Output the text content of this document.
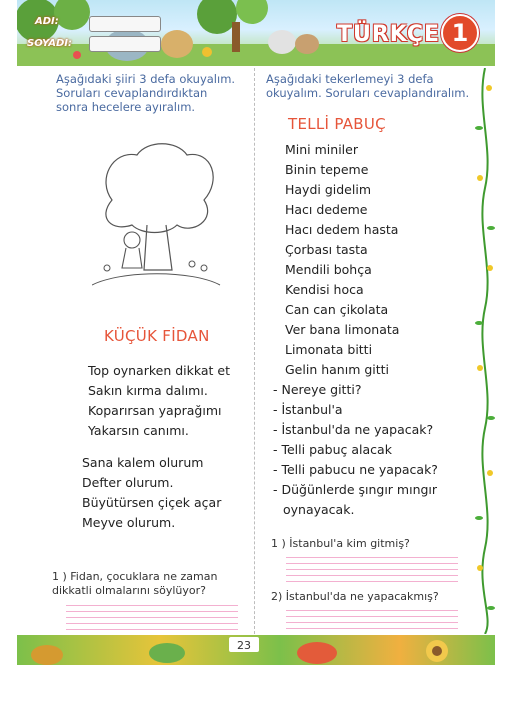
ADI:
SOYADI:	TÜRKÇE 1
Aşağıdaki şiiri 3 defa okuyalım. Soruları cevaplandırdıktan sonra hecelere ayıralım.
KÜÇÜK FİDAN
Top oynarken dikkat et
Sakın kırma dalımı.
Koparırsan yaprağımı
Yakarsın canımı.
Sana kalem olurum
Defter olurum.
Büyütürsen çiçek açar
Meyve olurum.
1 ) Fidan, çocuklara ne zaman dikkatli olmalarını söylüyor?
Aşağıdaki tekerlemeyi 3 defa okuyalım. Soruları cevaplandıralım.
TELLİ PABUÇ
Mini miniler
Binin tepeme
Haydi gidelim
Hacı dedeme
Hacı dedem hasta
Çorbası tasta
Mendili bohça
Kendisi hoca
Can can çikolata
Ver bana limonata
Limonata bitti
Gelin hanım gitti
- Nereye gitti?
- İstanbul'a
- İstanbul'da ne yapacak?
- Telli pabuç alacak
- Telli pabucu ne yapacak?
- Düğünlerde şıngır mıngır
oynayacak.
1 ) İstanbul'a kim gitmiş?
2) İstanbul'da ne yapacakmış?
23
